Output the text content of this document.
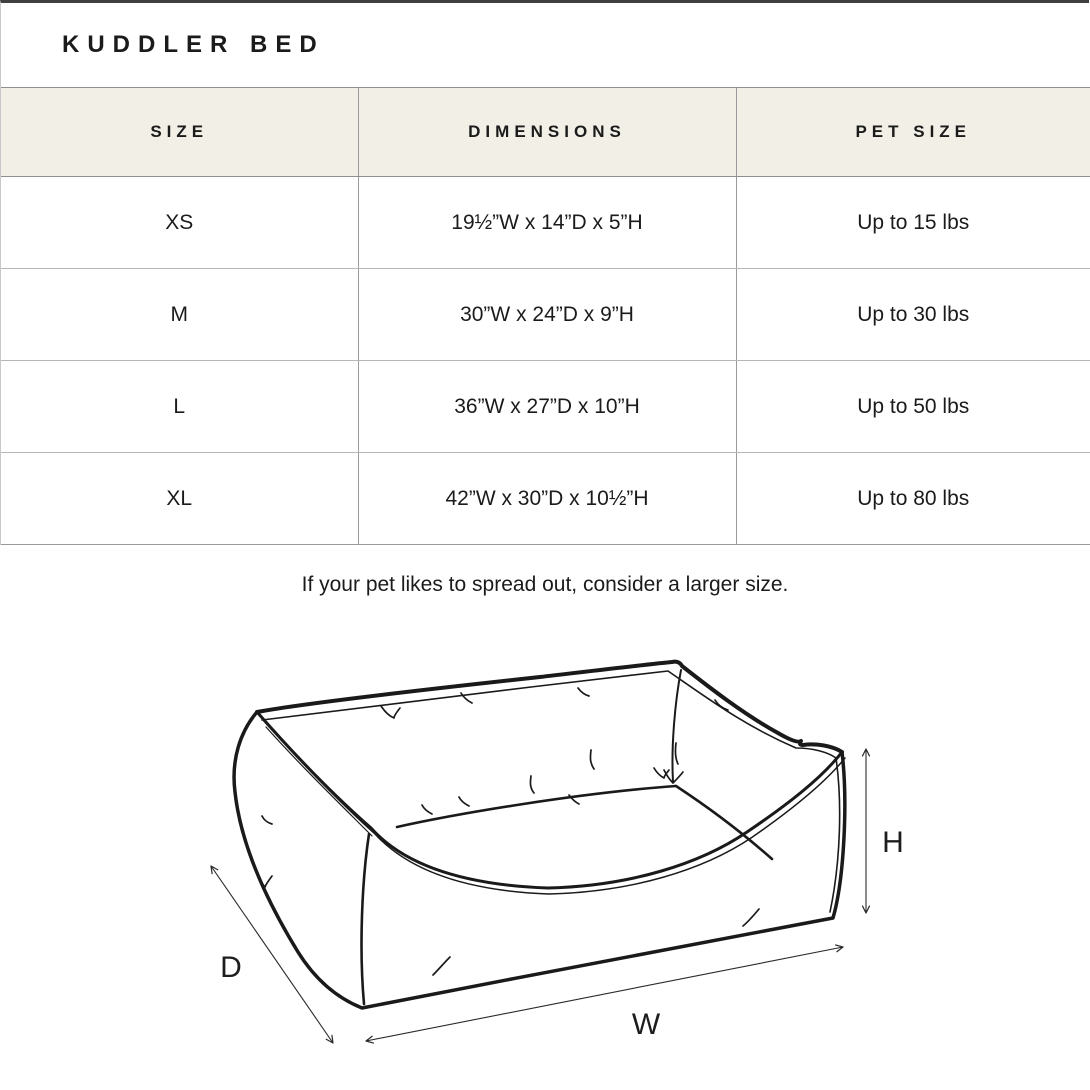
KUDDLER BED
SIZE	DIMENSIONS	PET SIZE
XS	19½”W x 14”D x 5”H	Up to 15 lbs
M	30”W x 24”D x 9”H	Up to 30 lbs
L	36”W x 27”D x 10”H	Up to 50 lbs
XL	42”W x 30”D x 10½”H	Up to 80 lbs
If your pet likes to spread out, consider a larger size.
D
W
H
